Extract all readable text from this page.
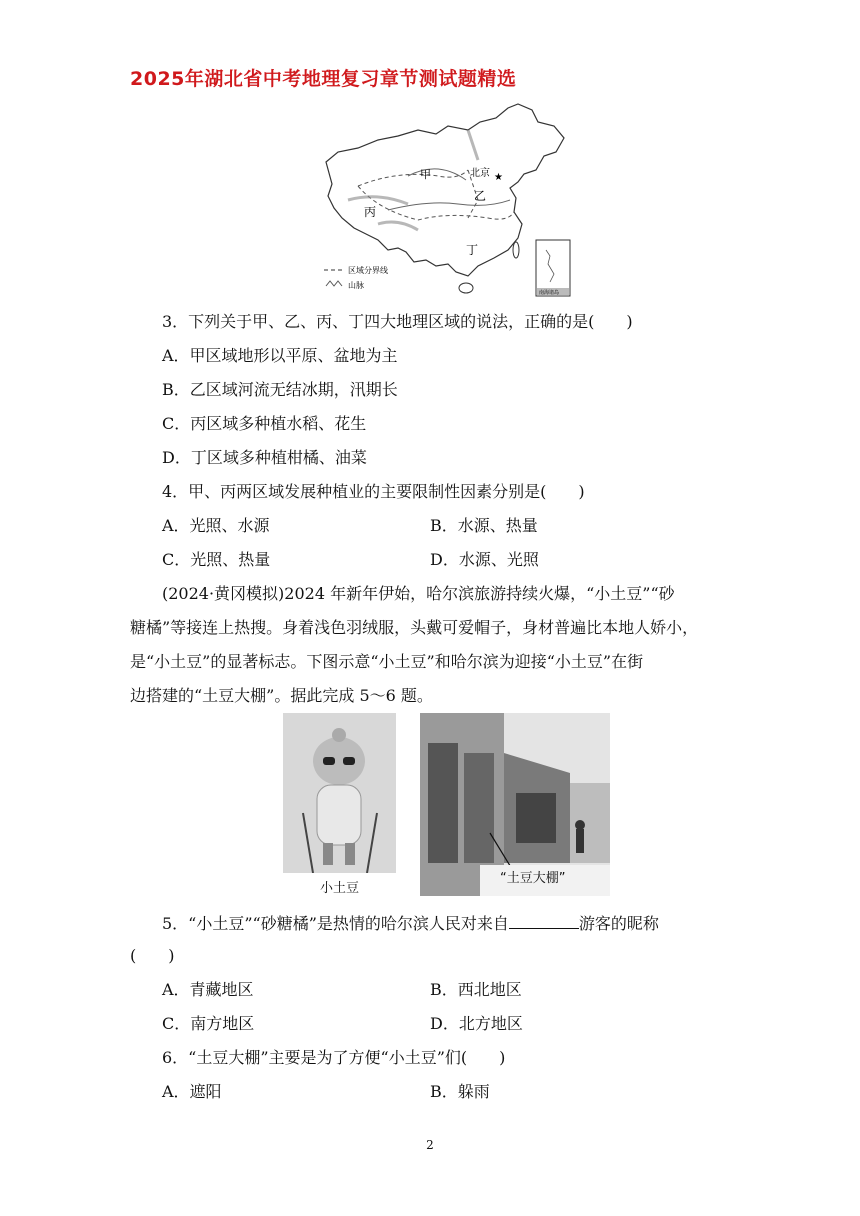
2025年湖北省中考地理复习章节测试题精选
甲	北京 ★
乙
丙
丁
区域分界线
山脉
南海诸岛
3．下列关于甲、乙、丙、丁四大地理区域的说法，正确的是(　　)
A．甲区域地形以平原、盆地为主
B．乙区域河流无结冰期，汛期长
C．丙区域多种植水稻、花生
D．丁区域多种植柑橘、油菜
4．甲、丙两区域发展种植业的主要限制性因素分别是(　　)
A．光照、水源	B．水源、热量
C．光照、热量	D．水源、光照
(2024·黄冈模拟)2024 年新年伊始，哈尔滨旅游持续火爆，“小土豆”“砂
糖橘”等接连上热搜。身着浅色羽绒服，头戴可爱帽子，身材普遍比本地人娇小，
是“小土豆”的显著标志。下图示意“小土豆”和哈尔滨为迎接“小土豆”在街
边搭建的“土豆大棚”。据此完成 5～6 题。
小土豆
“土豆大棚”
5．“小土豆”“砂糖橘”是热情的哈尔滨人民对来自	游客的昵称
(　　)
A．青藏地区	B．西北地区
C．南方地区	D．北方地区
6．“土豆大棚”主要是为了方便“小土豆”们(　　)
A．遮阳	B．躲雨
2
